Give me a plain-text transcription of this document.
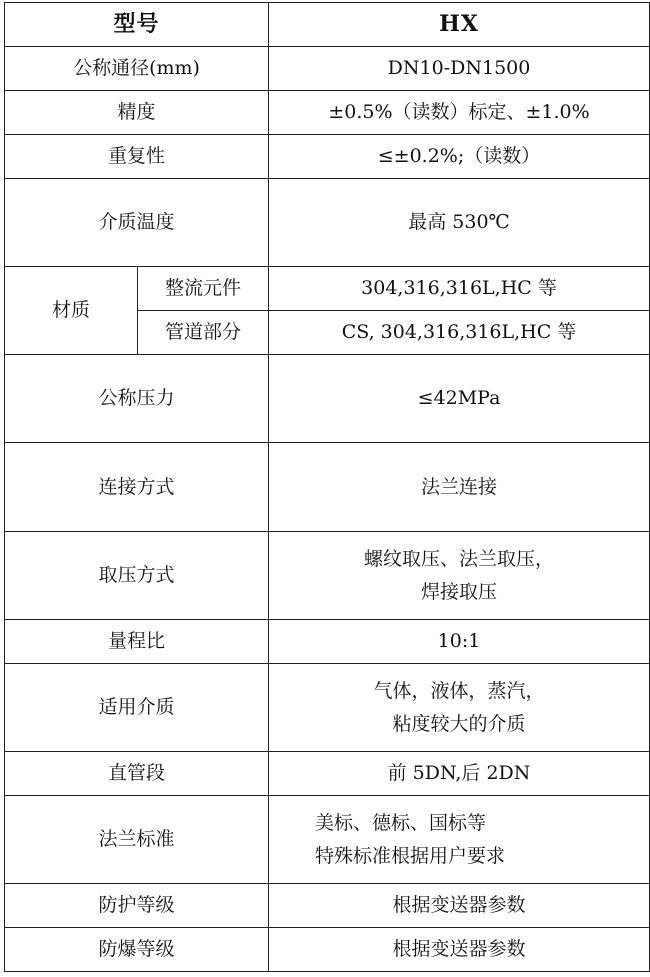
型号		HX
公称通径(mm)		DN10-DN1500
精度		±0.5%（读数）标定、±1.0%
重复性		≤±0.2%;（读数）
介质温度		最高 530℃
材质	整流元件	304,316,316L,HC 等
	管道部分	CS, 304,316,316L,HC 等
公称压力		≤42MPa
连接方式		法兰连接
取压方式		螺纹取压、法兰取压，
焊接取压

量程比		10:1
适用介质		气体，液体，蒸汽，
粘度较大的介质

直管段		前 5DN,后 2DN
法兰标准		美标、德标、国标等
特殊标准根据用户要求

防护等级		根据变送器参数
防爆等级		根据变送器参数
